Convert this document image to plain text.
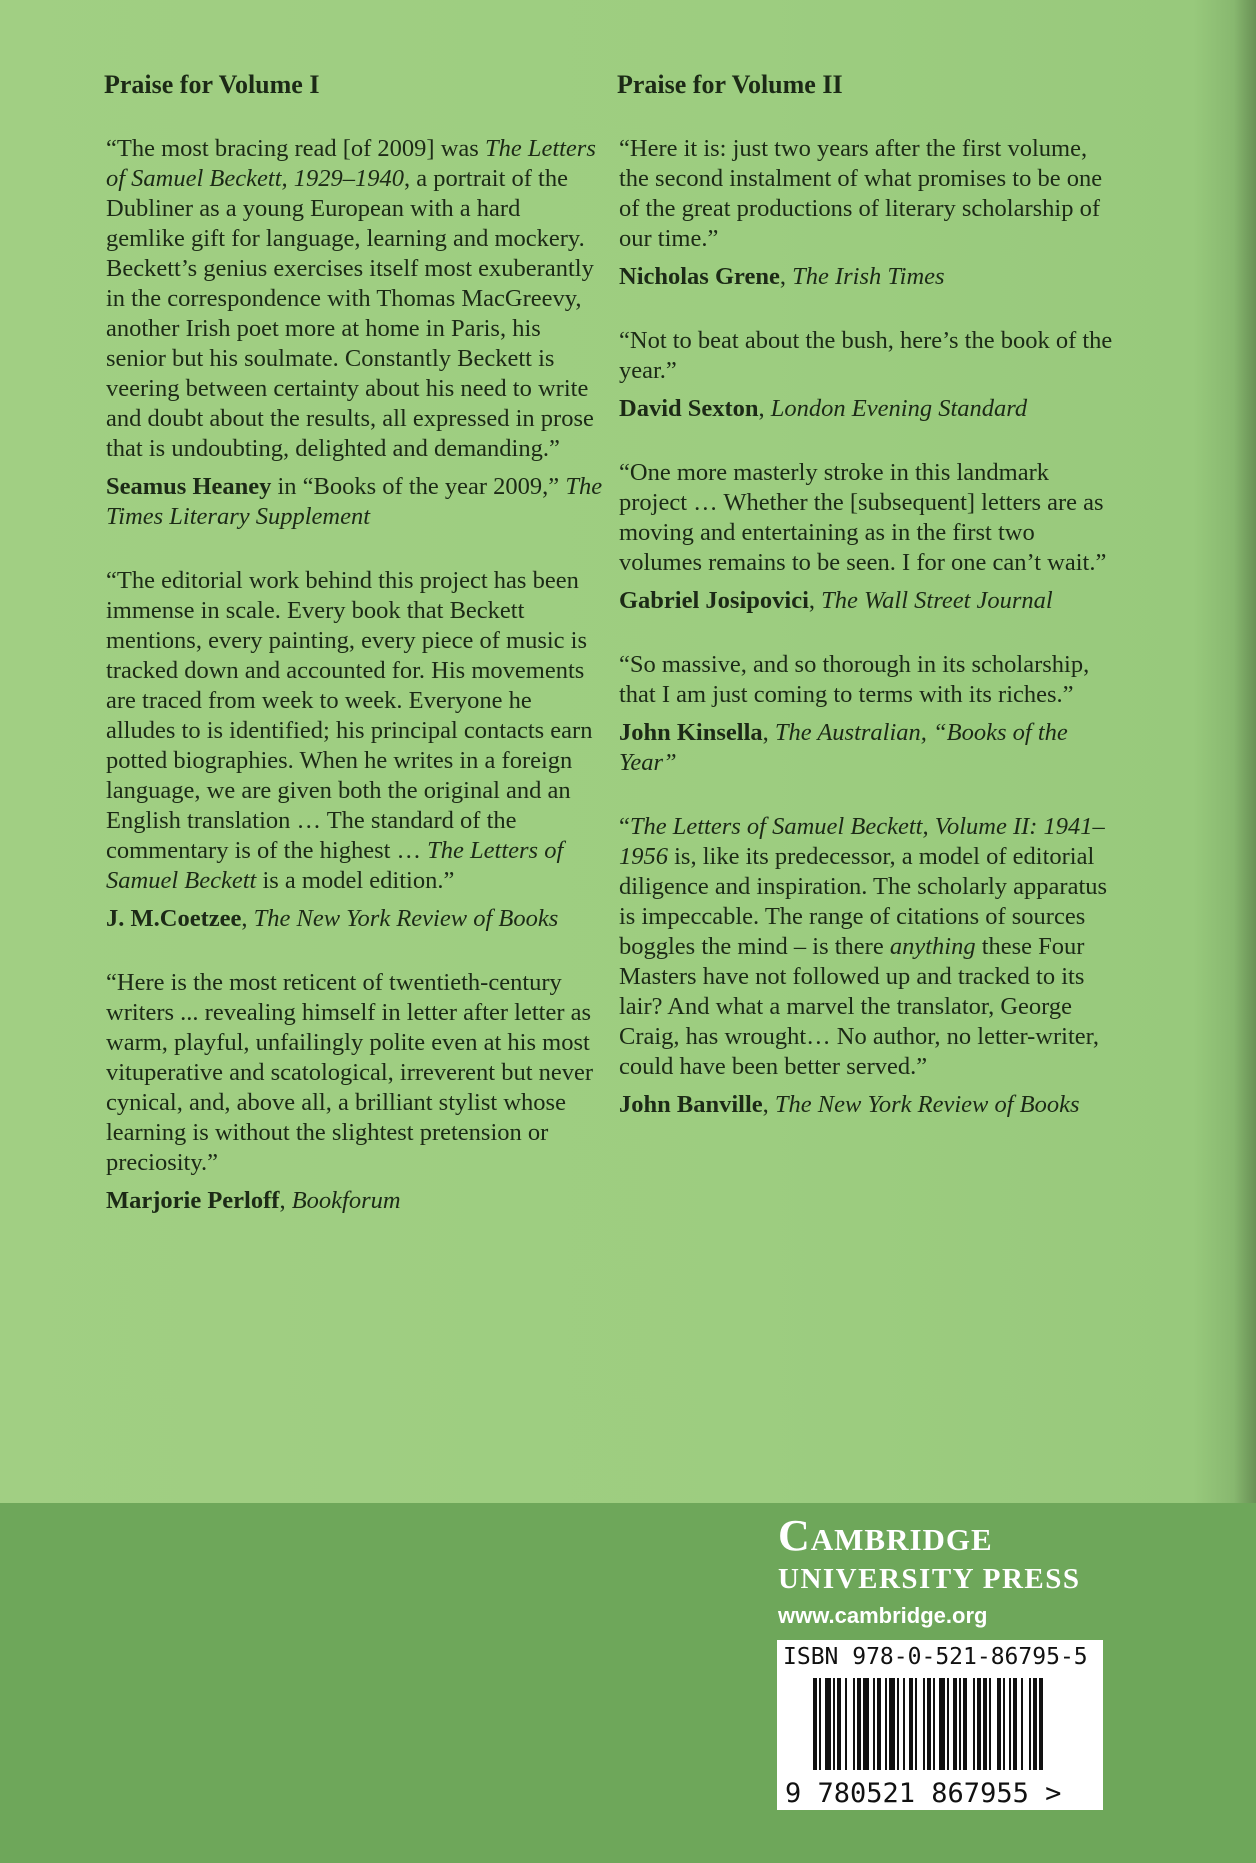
Praise for Volume I
“The most bracing read [of 2009] was The Letters of Samuel Beckett, 1929–1940, a portrait of the Dubliner as a young European with a hard gemlike gift for language, learning and mockery. Beckett’s genius exercises itself most exuberantly in the correspondence with Thomas MacGreevy, another Irish poet more at home in Paris, his senior but his soulmate. Constantly Beckett is veering between certainty about his need to write and doubt about the results, all expressed in prose that is undoubting, delighted and demanding.”
Seamus Heaney in “Books of the year 2009,” The Times Literary Supplement
“The editorial work behind this project has been immense in scale. Every book that Beckett mentions, every painting, every piece of music is tracked down and accounted for. His movements are traced from week to week. Everyone he alludes to is identified; his principal contacts earn potted biographies. When he writes in a foreign language, we are given both the original and an English translation … The standard of the commentary is of the highest … The Letters of Samuel Beckett is a model edition.”
J. M.Coetzee, The New York Review of Books
“Here is the most reticent of twentieth-century writers ... revealing himself in letter after letter as warm, playful, unfailingly polite even at his most vituperative and scatological, irreverent but never cynical, and, above all, a brilliant stylist whose learning is without the slightest pretension or preciosity.”
Marjorie Perloff, Bookforum
Praise for Volume II
“Here it is: just two years after the first volume, the second instalment of what promises to be one of the great productions of literary scholarship of our time.”
Nicholas Grene, The Irish Times
“Not to beat about the bush, here’s the book of the year.”
David Sexton, London Evening Standard
“One more masterly stroke in this landmark project … Whether the [subsequent] letters are as moving and entertaining as in the first two volumes remains to be seen. I for one can’t wait.”
Gabriel Josipovici, The Wall Street Journal
“So massive, and so thorough in its scholarship, that I am just coming to terms with its riches.”
John Kinsella, The Australian, “Books of the Year”
“The Letters of Samuel Beckett, Volume II: 1941–1956 is, like its predecessor, a model of editorial diligence and inspiration. The scholarly apparatus is impeccable. The range of citations of sources boggles the mind – is there anything these Four Masters have not followed up and tracked to its lair? And what a marvel the translator, George Craig, has wrought… No author, no letter-writer, could have been better served.”
John Banville, The New York Review of Books
Cambridge
UNIVERSITY PRESS
www.cambridge.org
ISBN 978-0-521-86795-5
9 780521 867955 >
